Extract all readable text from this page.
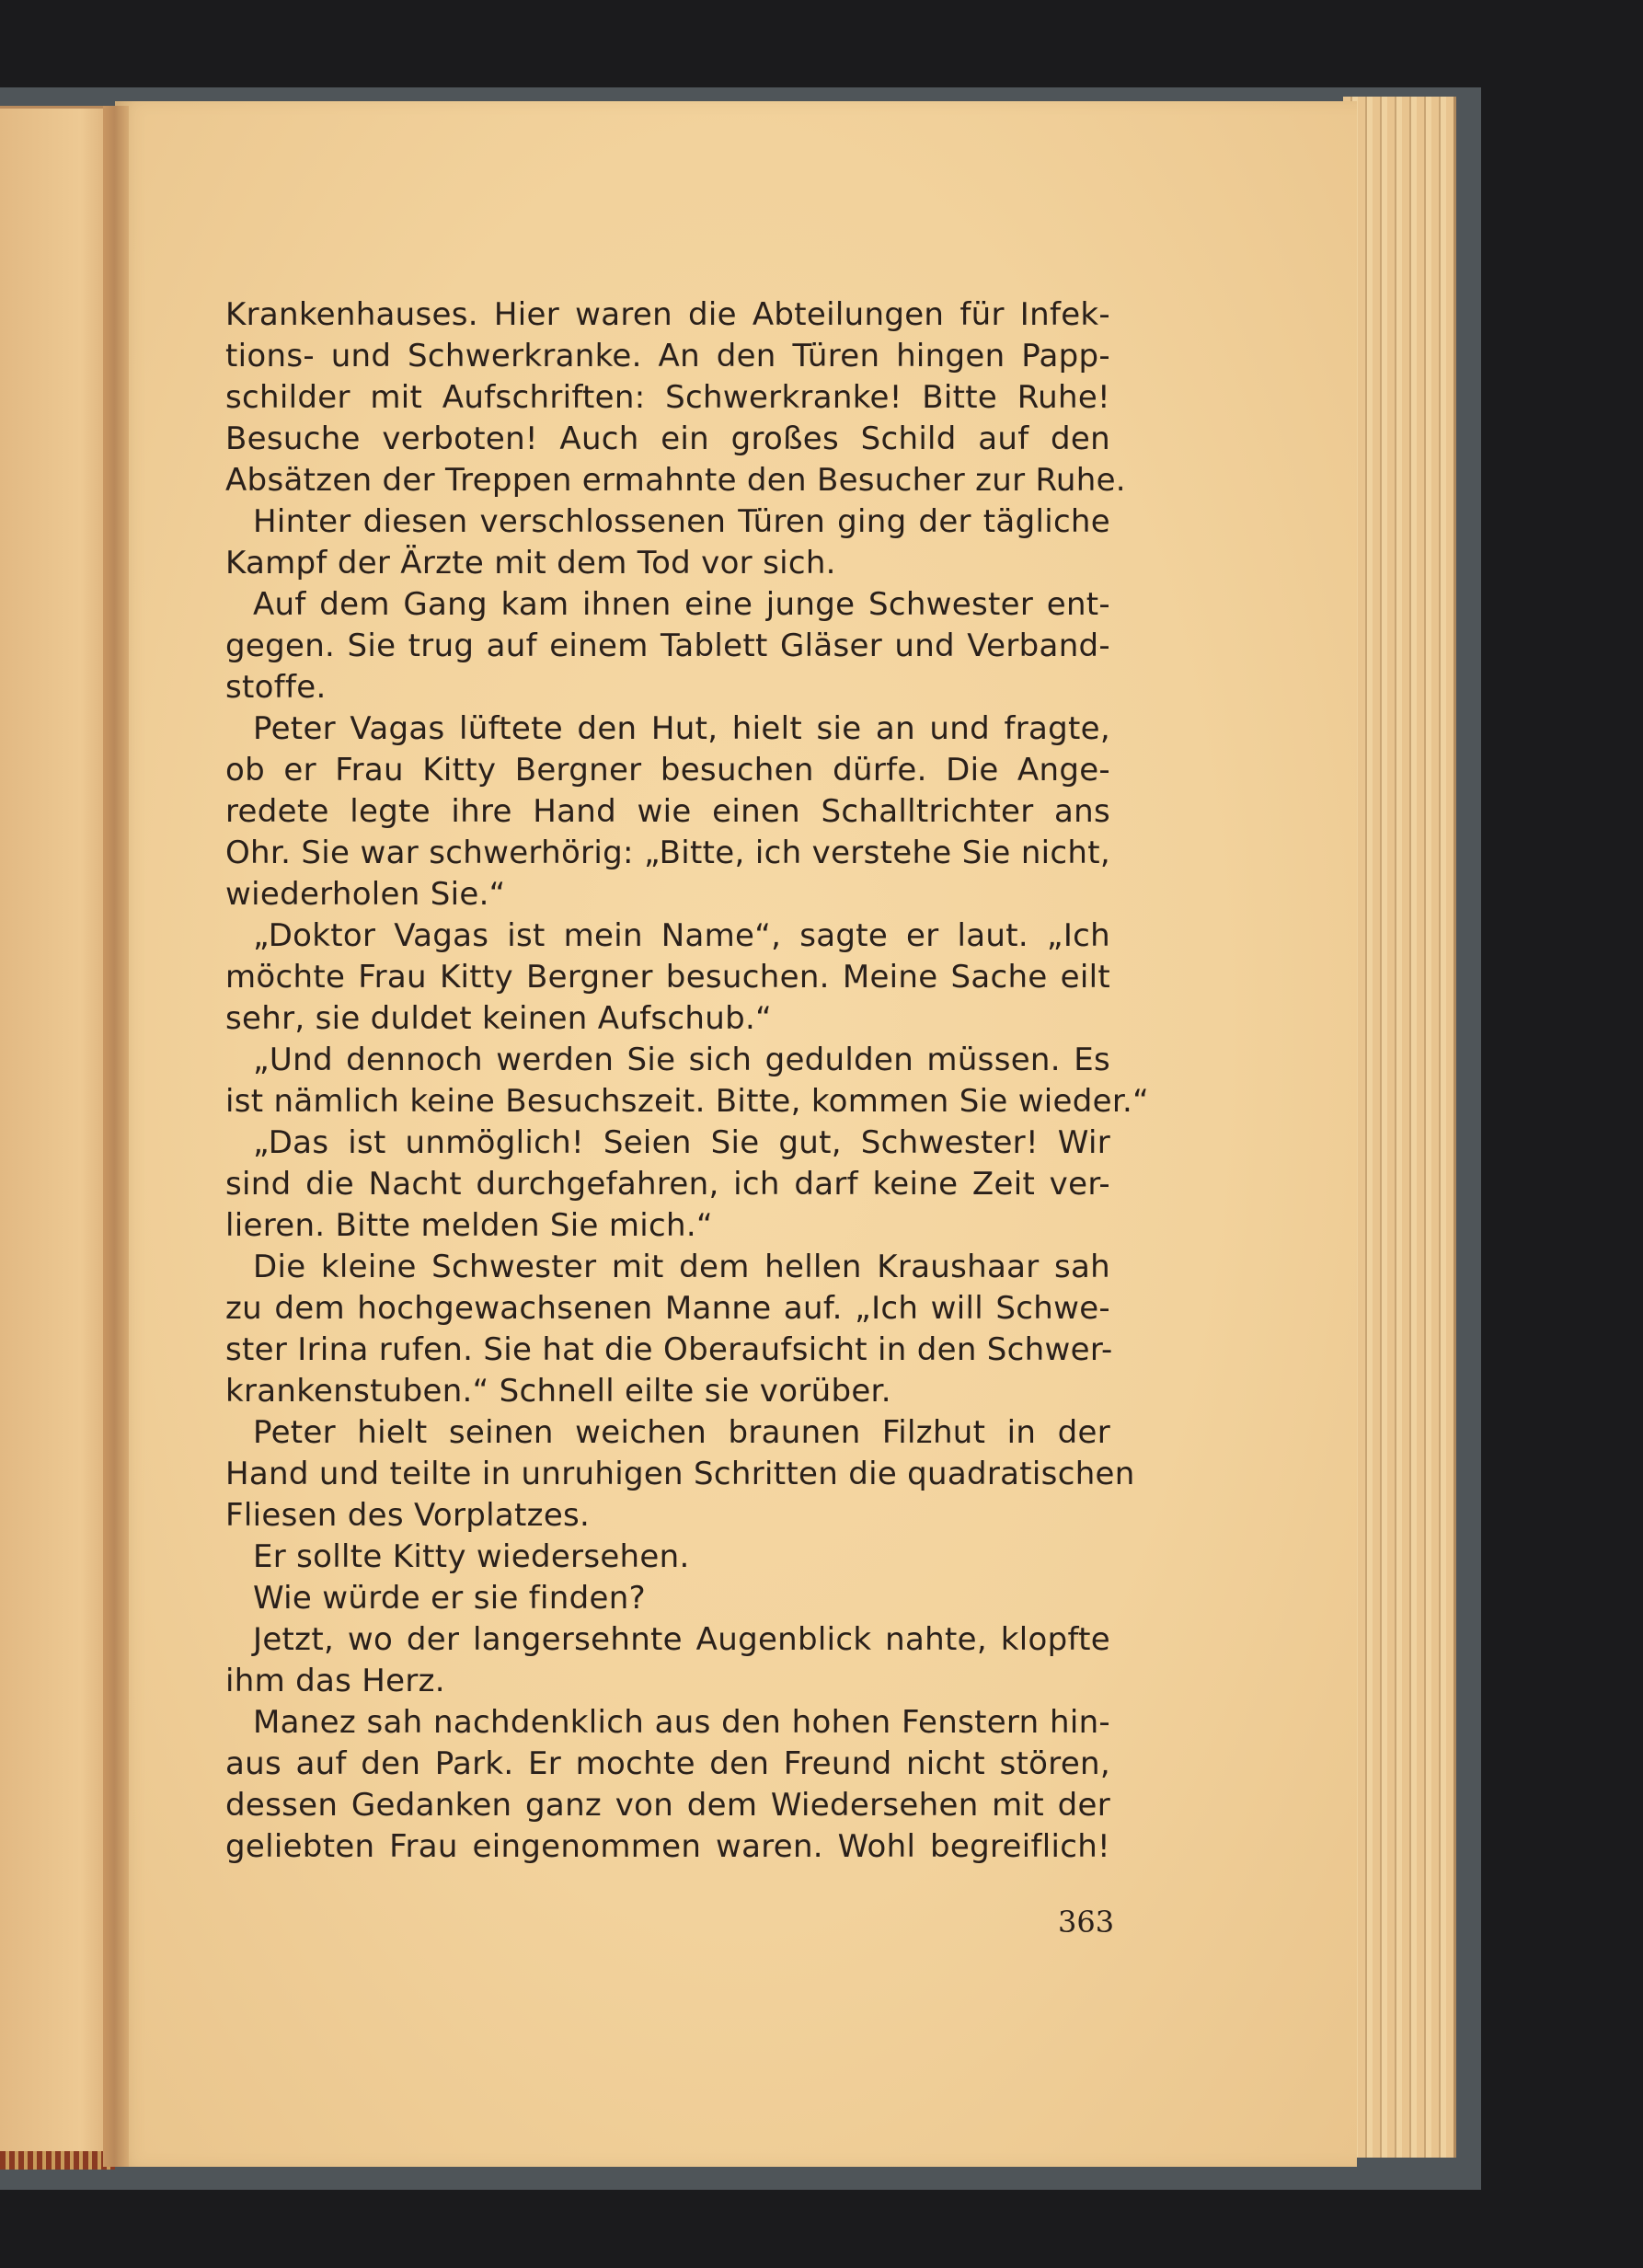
Krankenhauses. Hier waren die Abteilungen für Infek-
tions- und Schwerkranke. An den Türen hingen Papp-
schilder mit Aufschriften: Schwerkranke! Bitte Ruhe!
Besuche verboten! Auch ein großes Schild auf den
Absätzen der Treppen ermahnte den Besucher zur Ruhe.
Hinter diesen verschlossenen Türen ging der tägliche
Kampf der Ärzte mit dem Tod vor sich.
Auf dem Gang kam ihnen eine junge Schwester ent-
gegen. Sie trug auf einem Tablett Gläser und Verband-
stoffe.
Peter Vagas lüftete den Hut, hielt sie an und fragte,
ob er Frau Kitty Bergner besuchen dürfe. Die Ange-
redete legte ihre Hand wie einen Schalltrichter ans
Ohr. Sie war schwerhörig: „Bitte, ich verstehe Sie nicht,
wiederholen Sie.“
„Doktor Vagas ist mein Name“, sagte er laut. „Ich
möchte Frau Kitty Bergner besuchen. Meine Sache eilt
sehr, sie duldet keinen Aufschub.“
„Und dennoch werden Sie sich gedulden müssen. Es
ist nämlich keine Besuchszeit. Bitte, kommen Sie wieder.“
„Das ist unmöglich! Seien Sie gut, Schwester! Wir
sind die Nacht durchgefahren, ich darf keine Zeit ver-
lieren. Bitte melden Sie mich.“
Die kleine Schwester mit dem hellen Kraushaar sah
zu dem hochgewachsenen Manne auf. „Ich will Schwe-
ster Irina rufen. Sie hat die Oberaufsicht in den Schwer-
krankenstuben.“ Schnell eilte sie vorüber.
Peter hielt seinen weichen braunen Filzhut in der
Hand und teilte in unruhigen Schritten die quadratischen
Fliesen des Vorplatzes.
Er sollte Kitty wiedersehen.
Wie würde er sie finden?
Jetzt, wo der langersehnte Augenblick nahte, klopfte
ihm das Herz.
Manez sah nachdenklich aus den hohen Fenstern hin-
aus auf den Park. Er mochte den Freund nicht stören,
dessen Gedanken ganz von dem Wiedersehen mit der
geliebten Frau eingenommen waren. Wohl begreiflich!
363
